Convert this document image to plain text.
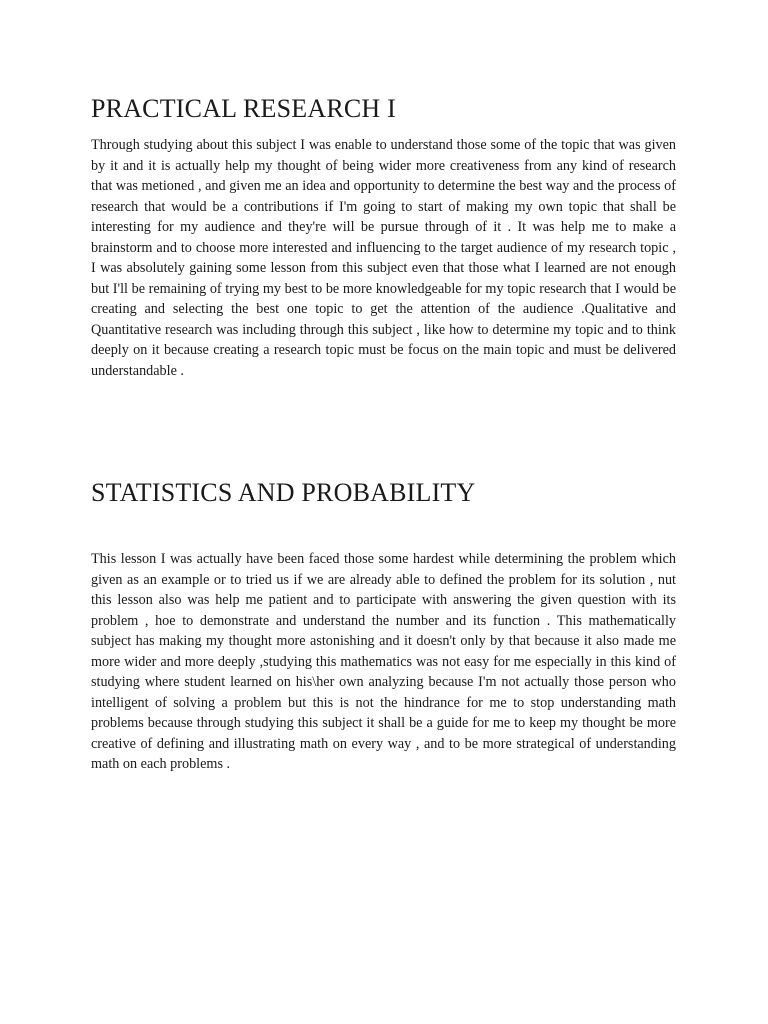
PRACTICAL RESEARCH I

Through studying about this subject I was enable to understand those some of the topic that was given by it and it is actually help my thought of being wider more creativeness from any kind of research that was metioned , and given me an idea and opportunity to determine the best way and the process of research that would be a contributions if I'm going to start of making my own topic that shall be interesting for my audience and they're will be pursue through of it . It was help me to make a brainstorm and to choose more interested and influencing to the target audience of my research topic , I was absolutely gaining some lesson from this subject even that those what I learned are not enough but I'll be remaining of trying my best to be more knowledgeable for my topic research that I would be creating and selecting the best one topic to get the attention of the audience .Qualitative and Quantitative research was including through this subject , like how to determine my topic and to think deeply on it because creating a research topic must be focus on the main topic and must be delivered understandable .

STATISTICS AND PROBABILITY

This lesson I was actually have been faced those some hardest while determining the problem which given as an example or to tried us if we are already able to defined the problem for its solution , nut this lesson also was help me patient and to participate with answering the given question with its problem , hoe to demonstrate and understand the number and its function . This mathematically subject has making my thought more astonishing and it doesn't only by that because it also made me more wider and more deeply ,studying this mathematics was not easy for me especially in this kind of studying where student learned on his\her own analyzing because I'm not actually those person who intelligent of solving a problem but this is not the hindrance for me to stop understanding math problems because through studying this subject it shall be a guide for me to keep my thought be more creative of defining and illustrating math on every way , and to be more strategical of understanding math on each problems .
